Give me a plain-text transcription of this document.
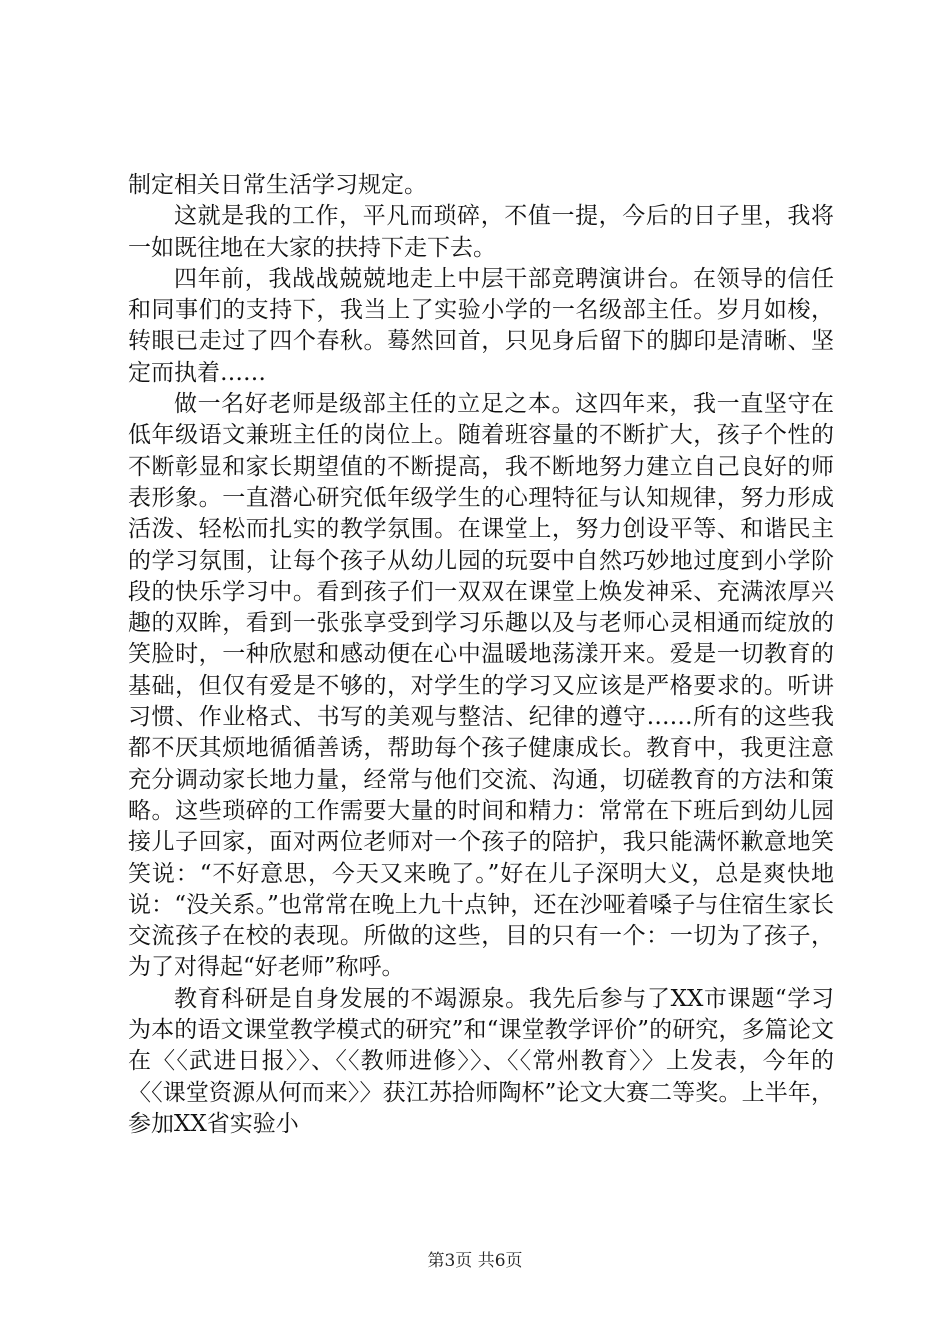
制定相关日常生活学习规定。

这就是我的工作，平凡而琐碎，不值一提，今后的日子里，我将一如既往地在大家的扶持下走下去。

四年前，我战战兢兢地走上中层干部竞聘演讲台。在领导的信任和同事们的支持下，我当上了实验小学的一名级部主任。岁月如梭，转眼已走过了四个春秋。蓦然回首，只见身后留下的脚印是清晰、坚定而执着……

做一名好老师是级部主任的立足之本。这四年来，我一直坚守在低年级语文兼班主任的岗位上。随着班容量的不断扩大，孩子个性的不断彰显和家长期望值的不断提高，我不断地努力建立自己良好的师表形象。一直潜心研究低年级学生的心理特征与认知规律，努力形成活泼、轻松而扎实的教学氛围。在课堂上，努力创设平等、和谐民主的学习氛围，让每个孩子从幼儿园的玩耍中自然巧妙地过度到小学阶段的快乐学习中。看到孩子们一双双在课堂上焕发神采、充满浓厚兴趣的双眸，看到一张张享受到学习乐趣以及与老师心灵相通而绽放的笑脸时，一种欣慰和感动便在心中温暖地荡漾开来。爱是一切教育的基础，但仅有爱是不够的，对学生的学习又应该是严格要求的。听讲习惯、作业格式、书写的美观与整洁、纪律的遵守……所有的这些我都不厌其烦地循循善诱，帮助每个孩子健康成长。教育中，我更注意充分调动家长地力量，经常与他们交流、沟通，切磋教育的方法和策略。这些琐碎的工作需要大量的时间和精力：常常在下班后到幼儿园接儿子回家，面对两位老师对一个孩子的陪护，我只能满怀歉意地笑笑说：“不好意思，今天又来晚了。”好在儿子深明大义，总是爽快地说：“没关系。”也常常在晚上九十点钟，还在沙哑着嗓子与住宿生家长交流孩子在校的表现。所做的这些，目的只有一个：一切为了孩子，为了对得起“好老师”称呼。

教育科研是自身发展的不竭源泉。我先后参与了XX市课题“学习为本的语文课堂教学模式的研究”和“课堂教学评价”的研究，多篇论文在〈〈武进日报〉〉、〈〈教师进修〉〉、〈〈常州教育〉〉上发表，今年的〈〈课堂资源从何而来〉〉获江苏拾师陶杯”论文大赛二等奖。上半年，参加XX省实验小

第3页 共6页
